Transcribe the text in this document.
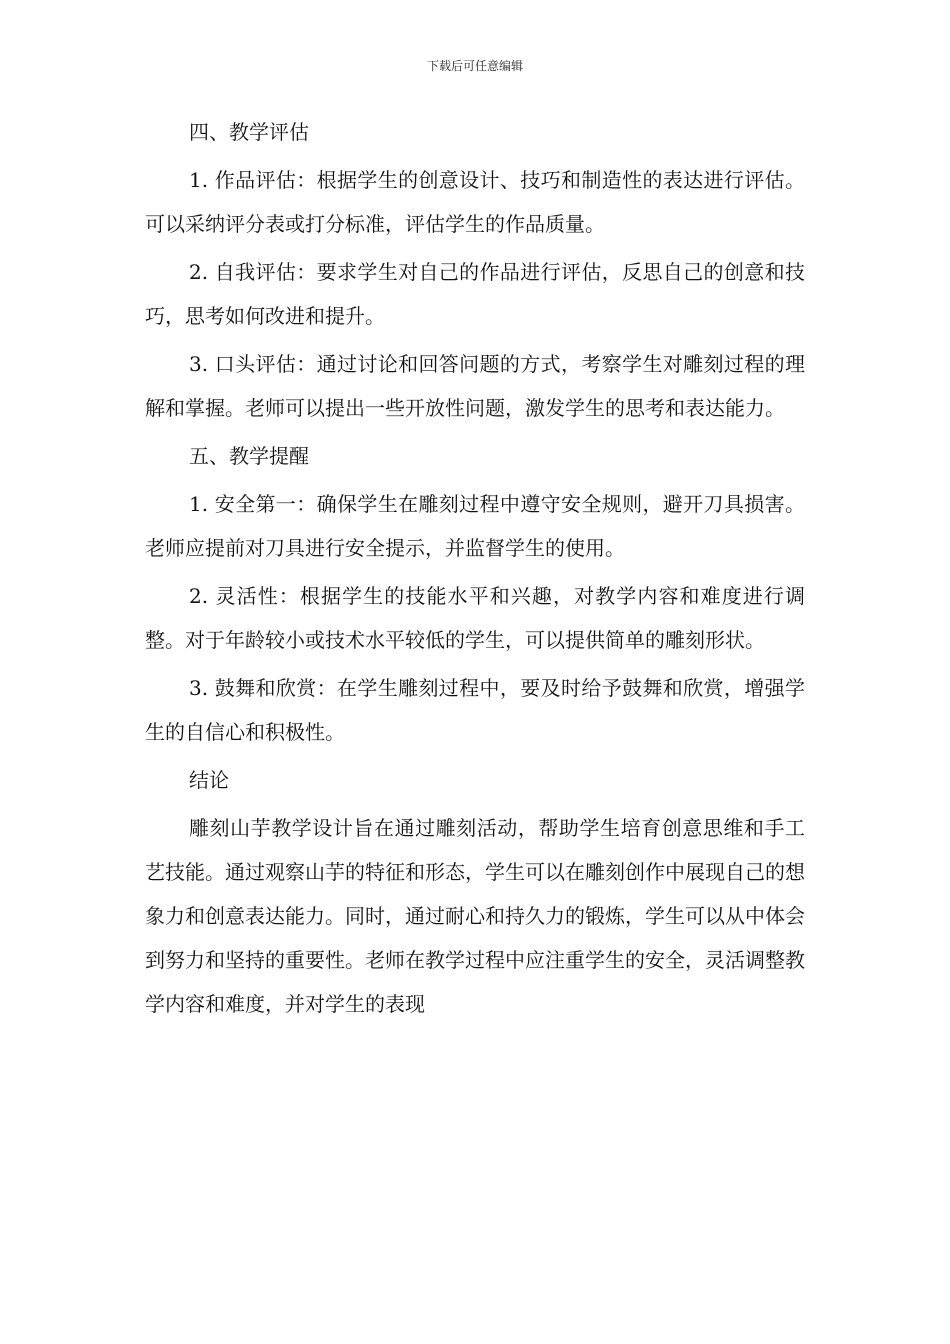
下载后可任意编辑

四、教学评估

1. 作品评估：根据学生的创意设计、技巧和制造性的表达进行评估。可以采纳评分表或打分标准，评估学生的作品质量。

2. 自我评估：要求学生对自己的作品进行评估，反思自己的创意和技巧，思考如何改进和提升。

3. 口头评估：通过讨论和回答问题的方式，考察学生对雕刻过程的理解和掌握。老师可以提出一些开放性问题，激发学生的思考和表达能力。

五、教学提醒

1. 安全第一：确保学生在雕刻过程中遵守安全规则，避开刀具损害。老师应提前对刀具进行安全提示，并监督学生的使用。

2. 灵活性：根据学生的技能水平和兴趣，对教学内容和难度进行调整。对于年龄较小或技术水平较低的学生，可以提供简单的雕刻形状。

3. 鼓舞和欣赏：在学生雕刻过程中，要及时给予鼓舞和欣赏，增强学生的自信心和积极性。

结论

雕刻山芋教学设计旨在通过雕刻活动，帮助学生培育创意思维和手工艺技能。通过观察山芋的特征和形态，学生可以在雕刻创作中展现自己的想象力和创意表达能力。同时，通过耐心和持久力的锻炼，学生可以从中体会到努力和坚持的重要性。老师在教学过程中应注重学生的安全，灵活调整教学内容和难度，并对学生的表现
